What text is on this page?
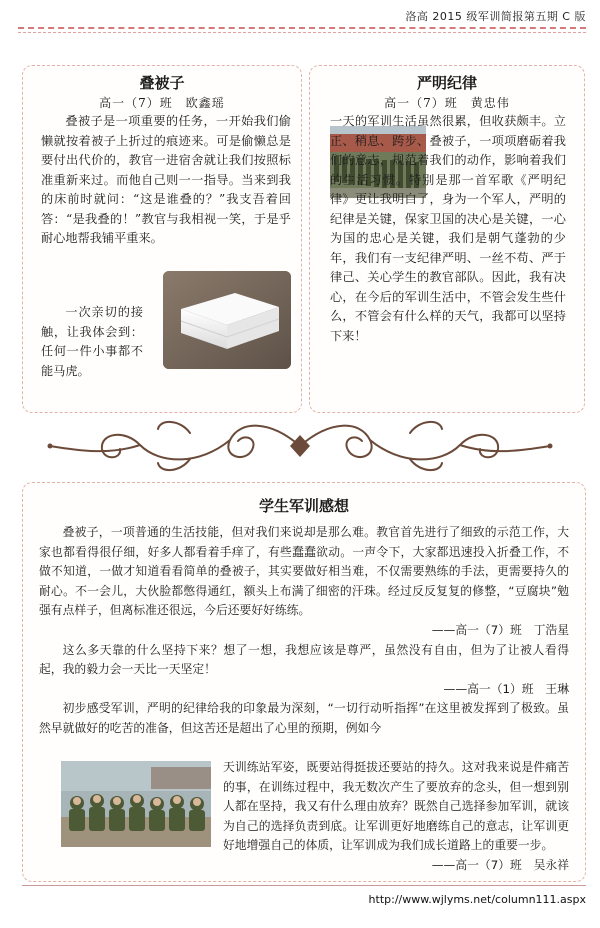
洛高 2015 级军训简报第五期 C 版
叠被子
高一（7）班　欧鑫瑶

叠被子是一项重要的任务，一开始我们偷懒就按着被子上折过的痕迹来。可是偷懒总是要付出代价的，教官一进宿舍就让我们按照标准重新来过。而他自己则一一指导。当来到我的床前时就问：“这是谁叠的？”我支吾着回答：“是我叠的！”教官与我相视一笑，于是乎耐心地帮我铺平重来。

一次亲切的接触，让我体会到：任何一件小事都不能马虎。

严明纪律
高一（7）班　黄忠伟

一天的军训生活虽然很累，但收获颇丰。立正、稍息、跨步、叠被子，一项项磨砺着我们的意志，规范着我们的动作，影响着我们的生活习惯。特别是那一首军歌《严明纪律》更让我明白了，身为一个军人，严明的纪律是关键，保家卫国的决心是关键，一心为国的忠心是关键，我们是朝气蓬勃的少年，我们有一支纪律严明、一丝不苟、严于律己、关心学生的教官部队。因此，我有决心，在今后的军训生活中，不管会发生些什么，不管会有什么样的天气，我都可以坚持下来！

学生军训感想

叠被子，一项普通的生活技能，但对我们来说却是那么难。教官首先进行了细致的示范工作，大家也都看得很仔细，好多人都看着手痒了，有些蠢蠢欲动。一声令下，大家都迅速投入折叠工作，不做不知道，一做才知道看看简单的叠被子，其实要做好相当难，不仅需要熟练的手法，更需要持久的耐心。不一会儿，大伙脸都憋得通红，额头上布满了细密的汗珠。经过反反复复的修整，“豆腐块”勉强有点样子，但离标准还很远，今后还要好好练练。

——高一（7）班　丁浩星

这么多天靠的什么坚持下来？想了一想，我想应该是尊严，虽然没有自由，但为了让被人看得起，我的毅力会一天比一天坚定！

——高一（1）班　王琳

初步感受军训，严明的纪律给我的印象最为深刻，“一切行动听指挥”在这里被发挥到了极致。虽然早就做好的吃苦的准备，但这苦还是超出了心里的预期，例如今

天训练站军姿，既要站得挺拔还要站的持久。这对我来说是件痛苦的事，在训练过程中，我无数次产生了要放弃的念头，但一想到别人都在坚持，我又有什么理由放弃？既然自己选择参加军训，就该为自己的选择负责到底。让军训更好地磨练自己的意志，让军训更好地增强自己的体质，让军训成为我们成长道路上的重要一步。

——高一（7）班　吴永祥

http://www.wjlyms.net/column111.aspx
